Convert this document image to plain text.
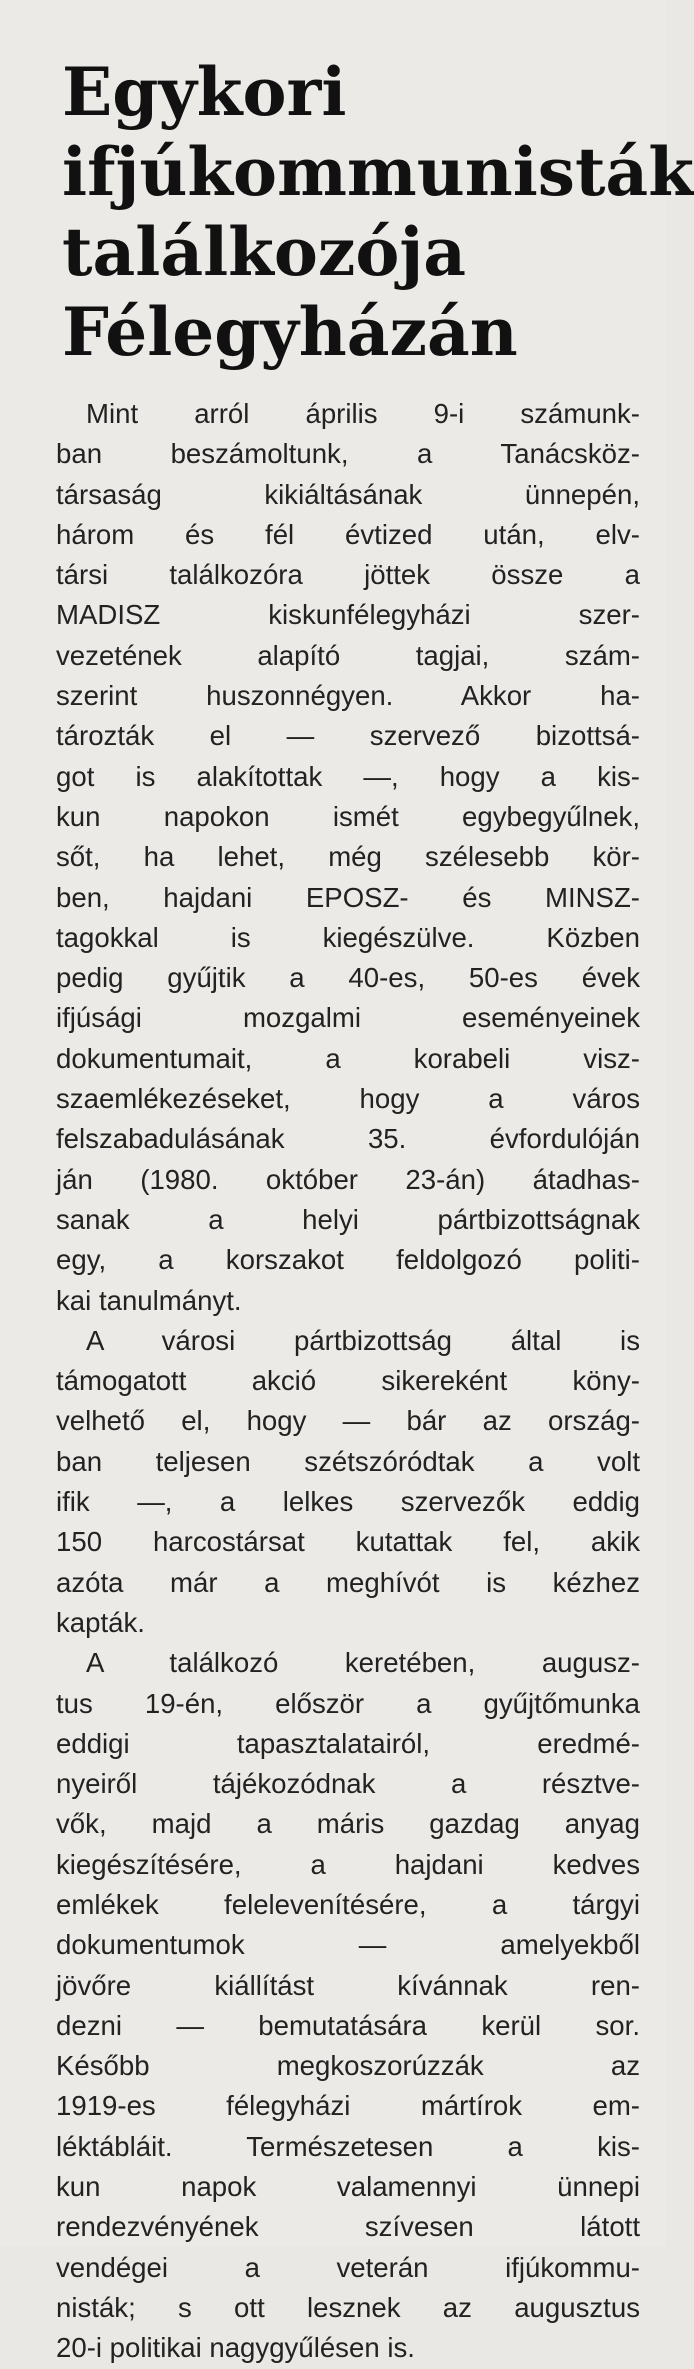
Egykori
ifjúkommunisták
találkozója
Félegyházán
Mint arról április 9-i számunk-
ban beszámoltunk, a Tanácsköz-
társaság kikiáltásának ünnepén,
három és fél évtized után, elv-
társi találkozóra jöttek össze a
MADISZ kiskunfélegyházi szer-
vezetének alapító tagjai, szám-
szerint huszonnégyen. Akkor ha-
tározták el — szervező bizottsá-
got is alakítottak —, hogy a kis-
kun napokon ismét egybegyűlnek,
sőt, ha lehet, még szélesebb kör-
ben, hajdani EPOSZ- és MINSZ-
tagokkal is kiegészülve. Közben
pedig gyűjtik a 40-es, 50-es évek
ifjúsági mozgalmi eseményeinek
dokumentumait, a korabeli visz-
szaemlékezéseket, hogy a város
felszabadulásának 35. évfordulóján
ján (1980. október 23-án) átadhas-
sanak a helyi pártbizottságnak
egy, a korszakot feldolgozó politi-
kai tanulmányt.
A városi pártbizottság által is
támogatott akció sikereként köny-
velhető el, hogy — bár az ország-
ban teljesen szétszóródtak a volt
ifik —, a lelkes szervezők eddig
150 harcostársat kutattak fel, akik
azóta már a meghívót is kézhez
kapták.
A találkozó keretében, augusz-
tus 19-én, először a gyűjtőmunka
eddigi tapasztalatairól, eredmé-
nyeiről tájékozódnak a résztve-
vők, majd a máris gazdag anyag
kiegészítésére, a hajdani kedves
emlékek felelevenítésére, a tárgyi
dokumentumok — amelyekből
jövőre kiállítást kívánnak ren-
dezni — bemutatására kerül sor.
Később megkoszorúzzák az
1919-es félegyházi mártírok em-
léktábláit. Természetesen a kis-
kun napok valamennyi ünnepi
rendezvényének szívesen látott
vendégei a veterán ifjúkommu-
nisták; s ott lesznek az augusztus
20-i politikai nagygyűlésen is.
